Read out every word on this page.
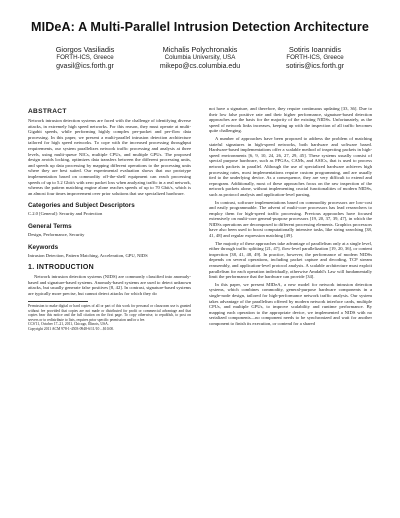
MIDeA: A Multi-Parallel Intrusion Detection Architecture
Giorgos Vasiliadis
FORTH-ICS, Greece
gvasil@ics.forth.gr
Michalis Polychronakis
Columbia University, USA
mikepo@cs.columbia.edu
Sotiris Ioannidis
FORTH-ICS, Greece
sotiris@ics.forth.gr
ABSTRACT

Network intrusion detection systems are faced with the challenge of identifying diverse attacks, in extremely high speed networks. For this reason, they must operate at multi-Gigabit speeds, while performing highly complex per-packet and per-flow data processing. In this paper, we present a multi-parallel intrusion detection architecture tailored for high speed networks. To cope with the increased processing throughput requirements, our system parallelizes network traffic processing and analysis at three levels, using multi-queue NICs, multiple CPUs, and multiple GPUs. The proposed design avoids locking, optimizes data transfers between the different processing units, and speeds up data processing by mapping different operations to the processing units where they are best suited. Our experimental evaluation shows that our prototype implementation based on commodity off-the-shelf equipment can reach processing speeds of up to 5.2 Gbit/s with zero packet loss when analyzing traffic in a real network, whereas the pattern matching engine alone reaches speeds of up to 70 Gbit/s, which is an almost four times improvement over prior solutions that use specialized hardware.

Categories and Subject Descriptors

C.2.0 [General]: Security and Protection

General Terms

Design, Performance, Security

Keywords

Intrusion Detection, Pattern Matching, Acceleration, GPU, NIDS

1. INTRODUCTION

Network intrusion detection systems (NIDS) are commonly classified into anomaly-based and signature-based systems. Anomaly-based systems are used to detect unknown attacks, but usually generate false positives [8, 42]. In contrast, signature-based systems are typically more precise, but cannot detect attacks for which they do

Permission to make digital or hard copies of all or part of this work for personal or classroom use is granted without fee provided that copies are not made or distributed for profit or commercial advantage and that copies bear this notice and the full citation on the first page. To copy otherwise, to republish, to post on servers or to redistribute to lists, requires prior specific permission and/or a fee.

CCS'11, October 17–21, 2011, Chicago, Illinois, USA.

Copyright 2011 ACM 978-1-4503-0948-6/11/10 ...$10.00.

not have a signature, and therefore, they require continuous updating [33, 36]. Due to their low false positive rate and their higher performance, signature-based detection approaches are the basis for the majority of the existing NIDSs. Unfortunately, as the speed of network links increases, keeping up with the inspection of all traffic becomes quite challenging.

A number of approaches have been proposed to address the problem of matching stateful signatures in high-speed networks, both hardware and software based. Hardware-based implementations offer a scalable method of inspecting packets in high-speed environments [6, 9, 10, 24, 26, 27, 29, 45]. These systems usually consist of special purpose hardware, such as FPGAs, CAMs, and ASICs, that is used to process network packets in parallel. Although the use of specialized hardware achieves high processing rates, most implementations require custom programming, and are usually tied to the underlying device. As a consequence, they are very difficult to extend and reprogram. Additionally, most of these approaches focus on the raw inspection of the network packets alone, without implementing crucial functionalities of modern NIDSs, such as protocol analysis and application-level parsing.

In contrast, software implementations based on commodity processors are low-cost and easily programmable. The advent of multi-core processors has lead researchers to employ them for high-speed traffic processing. Previous approaches have focused extensively on multi-core general-purpose processors [19, 20, 37, 39, 47], in which the NIDSs operations are decomposed to different processing elements. Graphics processors have also been used to boost computationally intensive tasks, like string searching [38, 41, 48] and regular expression matching [49].

The majority of these approaches take advantage of parallelism only at a single level, either through traffic splitting [21, 47], flow-level parallelization [19, 20, 36], or content inspection [38, 41, 48, 49]. In practice, however, the performance of modern NIDSs depends on several operations, including packet capture and decoding, TCP stream reassembly, and application-level protocol analysis. A scalable architecture must exploit parallelism for each operation individually, otherwise Amdahl's Law will fundamentally limit the performance that the hardware can provide [34].

In this paper, we present MIDeA, a new model for network intrusion detection systems, which combines commodity, general-purpose hardware components in a single-node design, tailored for high-performance network traffic analysis. Our system takes advantage of the parallelism offered by modern network interface cards, multiple CPUs, and multiple GPUs, to improve scalability and runtime performance. By mapping each operation to the appropriate device, we implemented a NIDS with no serialized components—no component needs to be synchronized and wait for another component to finish its execution, or contend for a shared
